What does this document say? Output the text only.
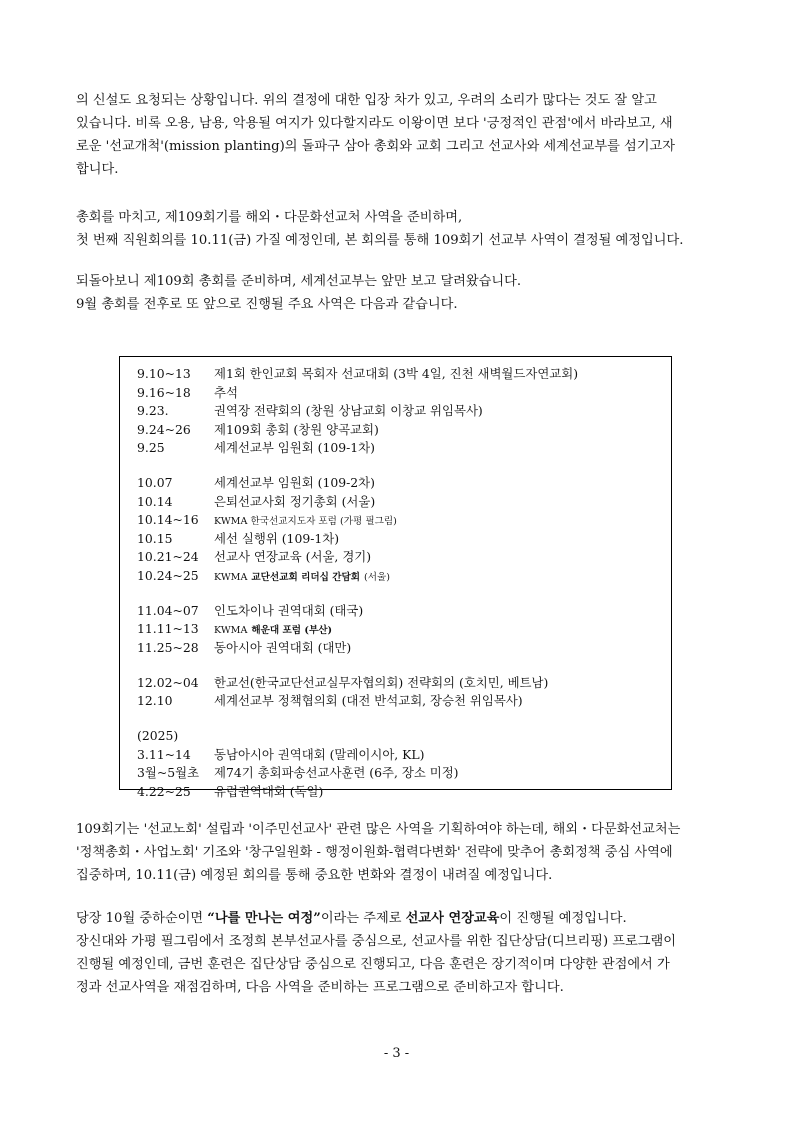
의 신설도 요청되는 상황입니다. 위의 결정에 대한 입장 차가 있고, 우려의 소리가 많다는 것도 잘 알고
있습니다. 비록 오용, 남용, 악용될 여지가 있다할지라도 이왕이면 보다 '긍정적인 관점'에서 바라보고, 새
로운 '선교개척'(mission planting)의 돌파구 삼아 총회와 교회 그리고 선교사와 세계선교부를 섬기고자
합니다.
총회를 마치고, 제109회기를 해외・다문화선교처 사역을 준비하며,
첫 번째 직원회의를 10.11(금) 가질 예정인데, 본 회의를 통해 109회기 선교부 사역이 결정될 예정입니다.
되돌아보니 제109회 총회를 준비하며, 세계선교부는 앞만 보고 달려왔습니다.
9월 총회를 전후로 또 앞으로 진행될 주요 사역은 다음과 같습니다.
9.10~13 제1회 한인교회 목회자 선교대회 (3박 4일, 진천 새벽월드자연교회)
9.16~18 추석
9.23.	권역장 전략회의 (창원 상남교회 이창교 위임목사)
9.24~26 제109회 총회 (창원 양곡교회)
9.25	세계선교부 임원회 (109-1차)
10.07	세계선교부 임원회 (109-2차)
10.14	은퇴선교사회 정기총회 (서울)
10.14~16 KWMA 한국선교지도자 포럼 (가평 필그림)
10.15	세선 실행위 (109-1차)
10.21~24 선교사 연장교육 (서울, 경기)
10.24~25 KWMA 교단선교회 리더십 간담회 (서울)
11.04~07 인도차이나 권역대회 (태국)
11.11~13 KWMA 해운대 포럼 (부산)
11.25~28 동아시아 권역대회 (대만)
12.02~04 한교선(한국교단선교실무자협의회) 전략회의 (호치민, 베트남)
12.10	세계선교부 정책협의회 (대전 반석교회, 장승천 위임목사)
(2025)
3.11~14 동남아시아 권역대회 (말레이시아, KL)
3월~5월초 제74기 총회파송선교사훈련 (6주, 장소 미정)
4.22~25 유럽권역대회 (독일)
109회기는 '선교노회' 설립과 '이주민선교사' 관련 많은 사역을 기획하여야 하는데, 해외・다문화선교처는
'정책총회・사업노회' 기조와 '창구일원화 - 행정이원화-협력다변화' 전략에 맞추어 총회정책 중심 사역에
집중하며, 10.11(금) 예정된 회의를 통해 중요한 변화와 결정이 내려질 예정입니다.
당장 10월 중하순이면 “나를 만나는 여정”이라는 주제로 선교사 연장교육이 진행될 예정입니다.
장신대와 가평 필그림에서 조정희 본부선교사를 중심으로, 선교사를 위한 집단상담(디브리핑) 프로그램이
진행될 예정인데, 금번 훈련은 집단상담 중심으로 진행되고, 다음 훈련은 장기적이며 다양한 관점에서 가
정과 선교사역을 재점검하며, 다음 사역을 준비하는 프로그램으로 준비하고자 합니다.
- 3 -
